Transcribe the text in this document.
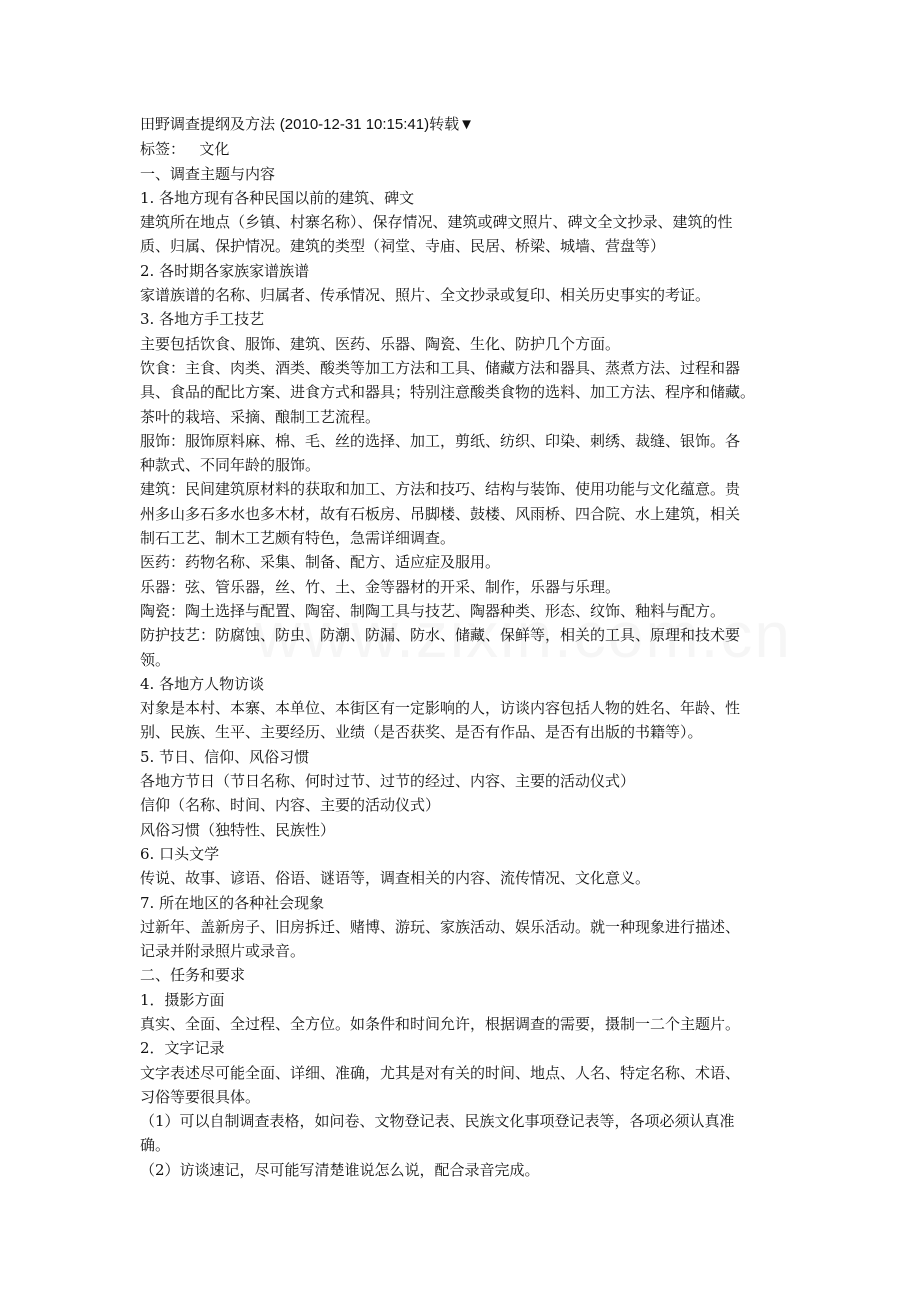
田野调查提纲及方法 (2010-12-31 10:15:41)转载▼

标签： 文化

一、调查主题与内容

1. 各地方现有各种民国以前的建筑、碑文

建筑所在地点（乡镇、村寨名称）、保存情况、建筑或碑文照片、碑文全文抄录、建筑的性

质、归属、保护情况。建筑的类型（祠堂、寺庙、民居、桥梁、城墙、营盘等）

2. 各时期各家族家谱族谱

家谱族谱的名称、归属者、传承情况、照片、全文抄录或复印、相关历史事实的考证。

3. 各地方手工技艺

主要包括饮食、服饰、建筑、医药、乐器、陶瓷、生化、防护几个方面。

饮食：主食、肉类、酒类、酸类等加工方法和工具、储藏方法和器具、蒸煮方法、过程和器

具、食品的配比方案、进食方式和器具；特别注意酸类食物的选料、加工方法、程序和储藏。

茶叶的栽培、采摘、酿制工艺流程。

服饰：服饰原料麻、棉、毛、丝的选择、加工，剪纸、纺织、印染、刺绣、裁缝、银饰。各

种款式、不同年龄的服饰。

建筑：民间建筑原材料的获取和加工、方法和技巧、结构与装饰、使用功能与文化蕴意。贵

州多山多石多水也多木材，故有石板房、吊脚楼、鼓楼、风雨桥、四合院、水上建筑，相关

制石工艺、制木工艺颇有特色，急需详细调查。

医药：药物名称、采集、制备、配方、适应症及服用。

乐器：弦、管乐器，丝、竹、土、金等器材的开采、制作，乐器与乐理。

陶瓷：陶土选择与配置、陶窑、制陶工具与技艺、陶器种类、形态、纹饰、釉料与配方。

防护技艺：防腐蚀、防虫、防潮、防漏、防水、储藏、保鲜等，相关的工具、原理和技术要

领。

4. 各地方人物访谈

对象是本村、本寨、本单位、本街区有一定影响的人，访谈内容包括人物的姓名、年龄、性

别、民族、生平、主要经历、业绩（是否获奖、是否有作品、是否有出版的书籍等）。

5. 节日、信仰、风俗习惯

各地方节日（节日名称、何时过节、过节的经过、内容、主要的活动仪式）

信仰（名称、时间、内容、主要的活动仪式）

风俗习惯（独特性、民族性）

6. 口头文学

传说、故事、谚语、俗语、谜语等，调查相关的内容、流传情况、文化意义。

7. 所在地区的各种社会现象

过新年、盖新房子、旧房拆迁、赌博、游玩、家族活动、娱乐活动。就一种现象进行描述、

记录并附录照片或录音。

二、任务和要求

1．摄影方面

真实、全面、全过程、全方位。如条件和时间允许，根据调查的需要，摄制一二个主题片。

2．文字记录

文字表述尽可能全面、详细、准确，尤其是对有关的时间、地点、人名、特定名称、术语、

习俗等要很具体。

（1）可以自制调查表格，如问卷、文物登记表、民族文化事项登记表等，各项必须认真准

确。

（2）访谈速记，尽可能写清楚谁说怎么说，配合录音完成。
